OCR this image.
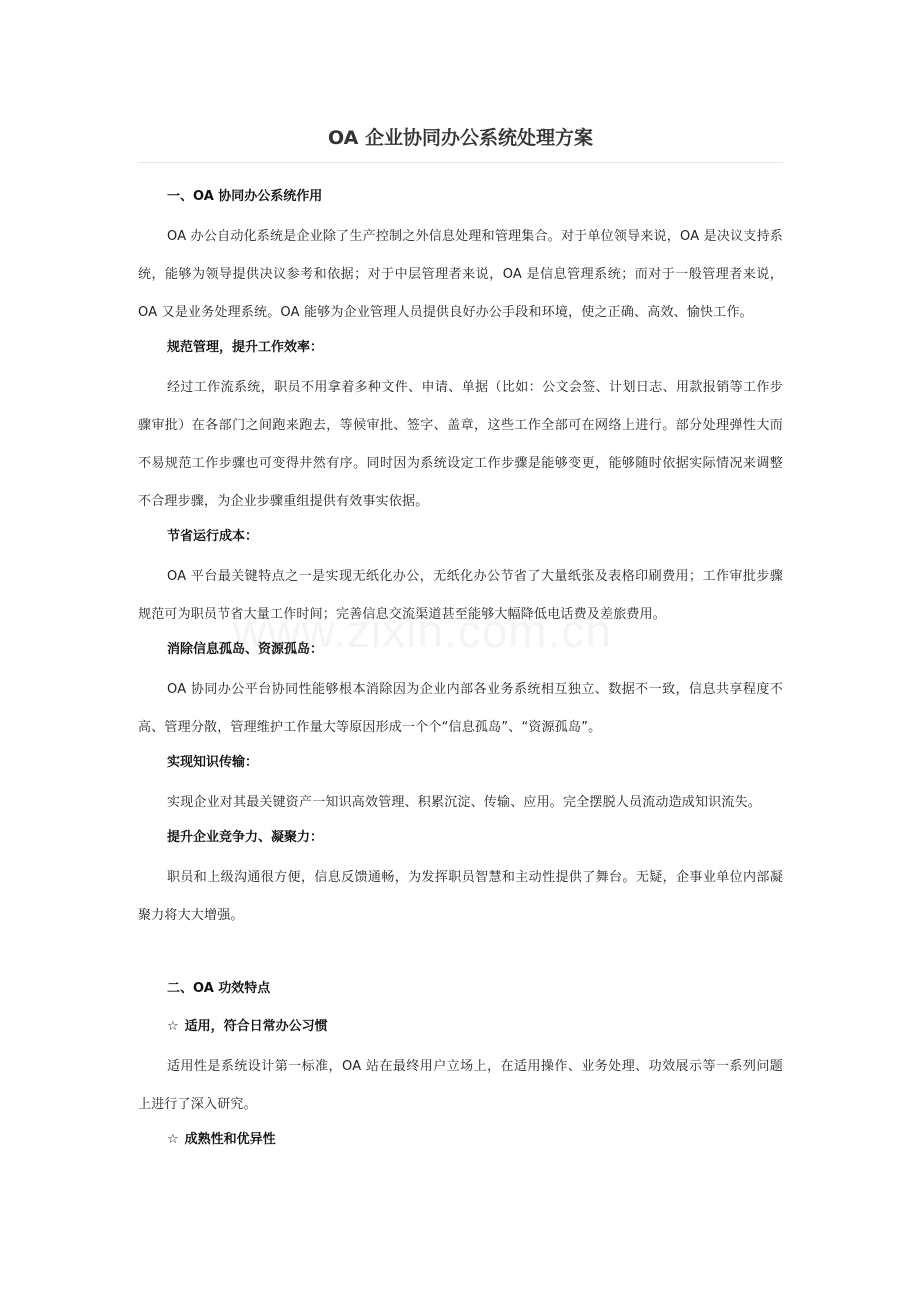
OA 企业协同办公系统处理方案
一、OA 协同办公系统作用

OA 办公自动化系统是企业除了生产控制之外信息处理和管理集合。对于单位领导来说，OA 是决议支持系统，能够为领导提供决议参考和依据；对于中层管理者来说，OA 是信息管理系统；而对于一般管理者来说，OA 又是业务处理系统。OA 能够为企业管理人员提供良好办公手段和环境，使之正确、高效、愉快工作。

规范管理，提升工作效率：

经过工作流系统，职员不用拿着多种文件、申请、单据（比如：公文会签、计划日志、用款报销等工作步骤审批）在各部门之间跑来跑去，等候审批、签字、盖章，这些工作全部可在网络上进行。部分处理弹性大而不易规范工作步骤也可变得井然有序。同时因为系统设定工作步骤是能够变更，能够随时依据实际情况来调整不合理步骤，为企业步骤重组提供有效事实依据。

节省运行成本：

OA 平台最关键特点之一是实现无纸化办公，无纸化办公节省了大量纸张及表格印刷费用；工作审批步骤规范可为职员节省大量工作时间；完善信息交流渠道甚至能够大幅降低电话费及差旅费用。

消除信息孤岛、资源孤岛：

OA 协同办公平台协同性能够根本消除因为企业内部各业务系统相互独立、数据不一致，信息共享程度不高、管理分散，管理维护工作量大等原因形成一个个“信息孤岛”、“资源孤岛”。

实现知识传输：

实现企业对其最关键资产一知识高效管理、积累沉淀、传输、应用。完全摆脱人员流动造成知识流失。

提升企业竞争力、凝聚力：

职员和上级沟通很方便，信息反馈通畅，为发挥职员智慧和主动性提供了舞台。无疑，企事业单位内部凝聚力将大大增强。

二、OA 功效特点
☆ 适用，符合日常办公习惯

适用性是系统设计第一标准，OA 站在最终用户立场上，在适用操作、业务处理、功效展示等一系列问题上进行了深入研究。

☆ 成熟性和优异性
